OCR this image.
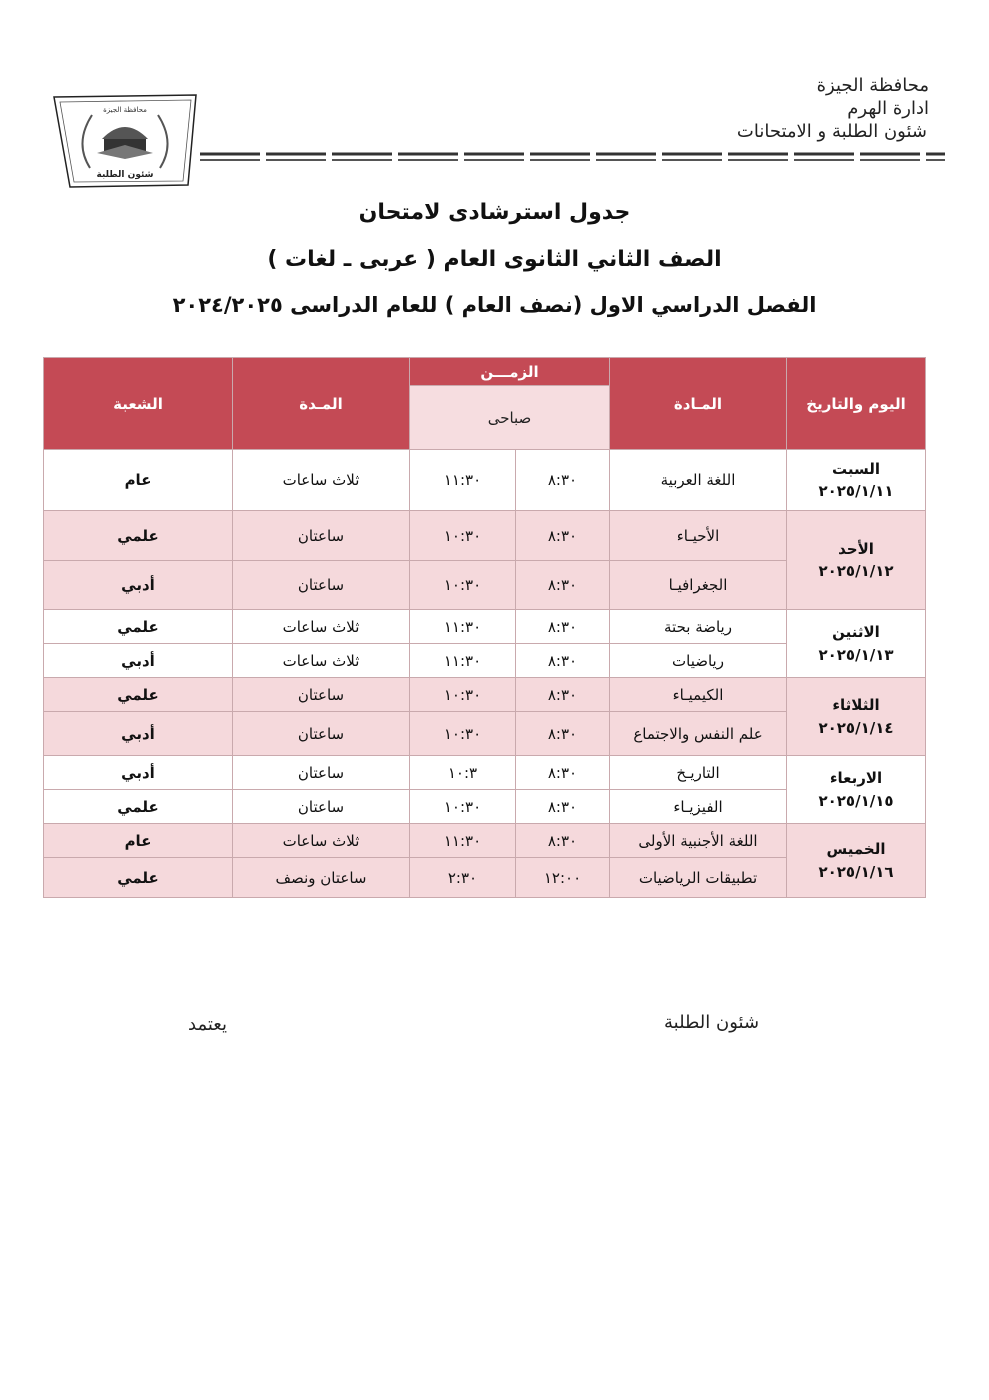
محافظة الجيزة
ادارة الهرم
شئون الطلبة و الامتحانات
محافظة الجيزة
شئون الطلبة
جدول استرشادى لامتحان
الصف الثاني الثانوى العام ( عربى ـ لغات )
الفصل الدراسي الاول (نصف العام ) للعام الدراسى ٢٠٢٤/٢٠٢٥
اليوم والتاريخ	المـادة	الزمـــن		المـدة	الشعبة
		صباحى			
السبت
٢٠٢٥/١/١١	اللغة العربية	٨:٣٠	١١:٣٠	ثلاث ساعات	عام
الأحد
٢٠٢٥/١/١٢	الأحيـاء	٨:٣٠	١٠:٣٠	ساعتان	علمي
	الجغرافيـا	٨:٣٠	١٠:٣٠	ساعتان	أدبي
الاثنين
٢٠٢٥/١/١٣	رياضة بحتة	٨:٣٠	١١:٣٠	ثلاث ساعات	علمي
	رياضيات	٨:٣٠	١١:٣٠	ثلاث ساعات	أدبي
الثلاثاء
٢٠٢٥/١/١٤	الكيميـاء	٨:٣٠	١٠:٣٠	ساعتان	علمي
	علم النفس والاجتماع	٨:٣٠	١٠:٣٠	ساعتان	أدبي
الاربعاء
٢٠٢٥/١/١٥	التاريـخ	٨:٣٠	١٠:٣	ساعتان	أدبي
	الفيزيـاء	٨:٣٠	١٠:٣٠	ساعتان	علمي
الخميس
٢٠٢٥/١/١٦	اللغة الأجنبية الأولى	٨:٣٠	١١:٣٠	ثلاث ساعات	عام
	تطبيقات الرياضيات	١٢:٠٠	٢:٣٠	ساعتان ونصف	علمي
شئون الطلبة
يعتمد
